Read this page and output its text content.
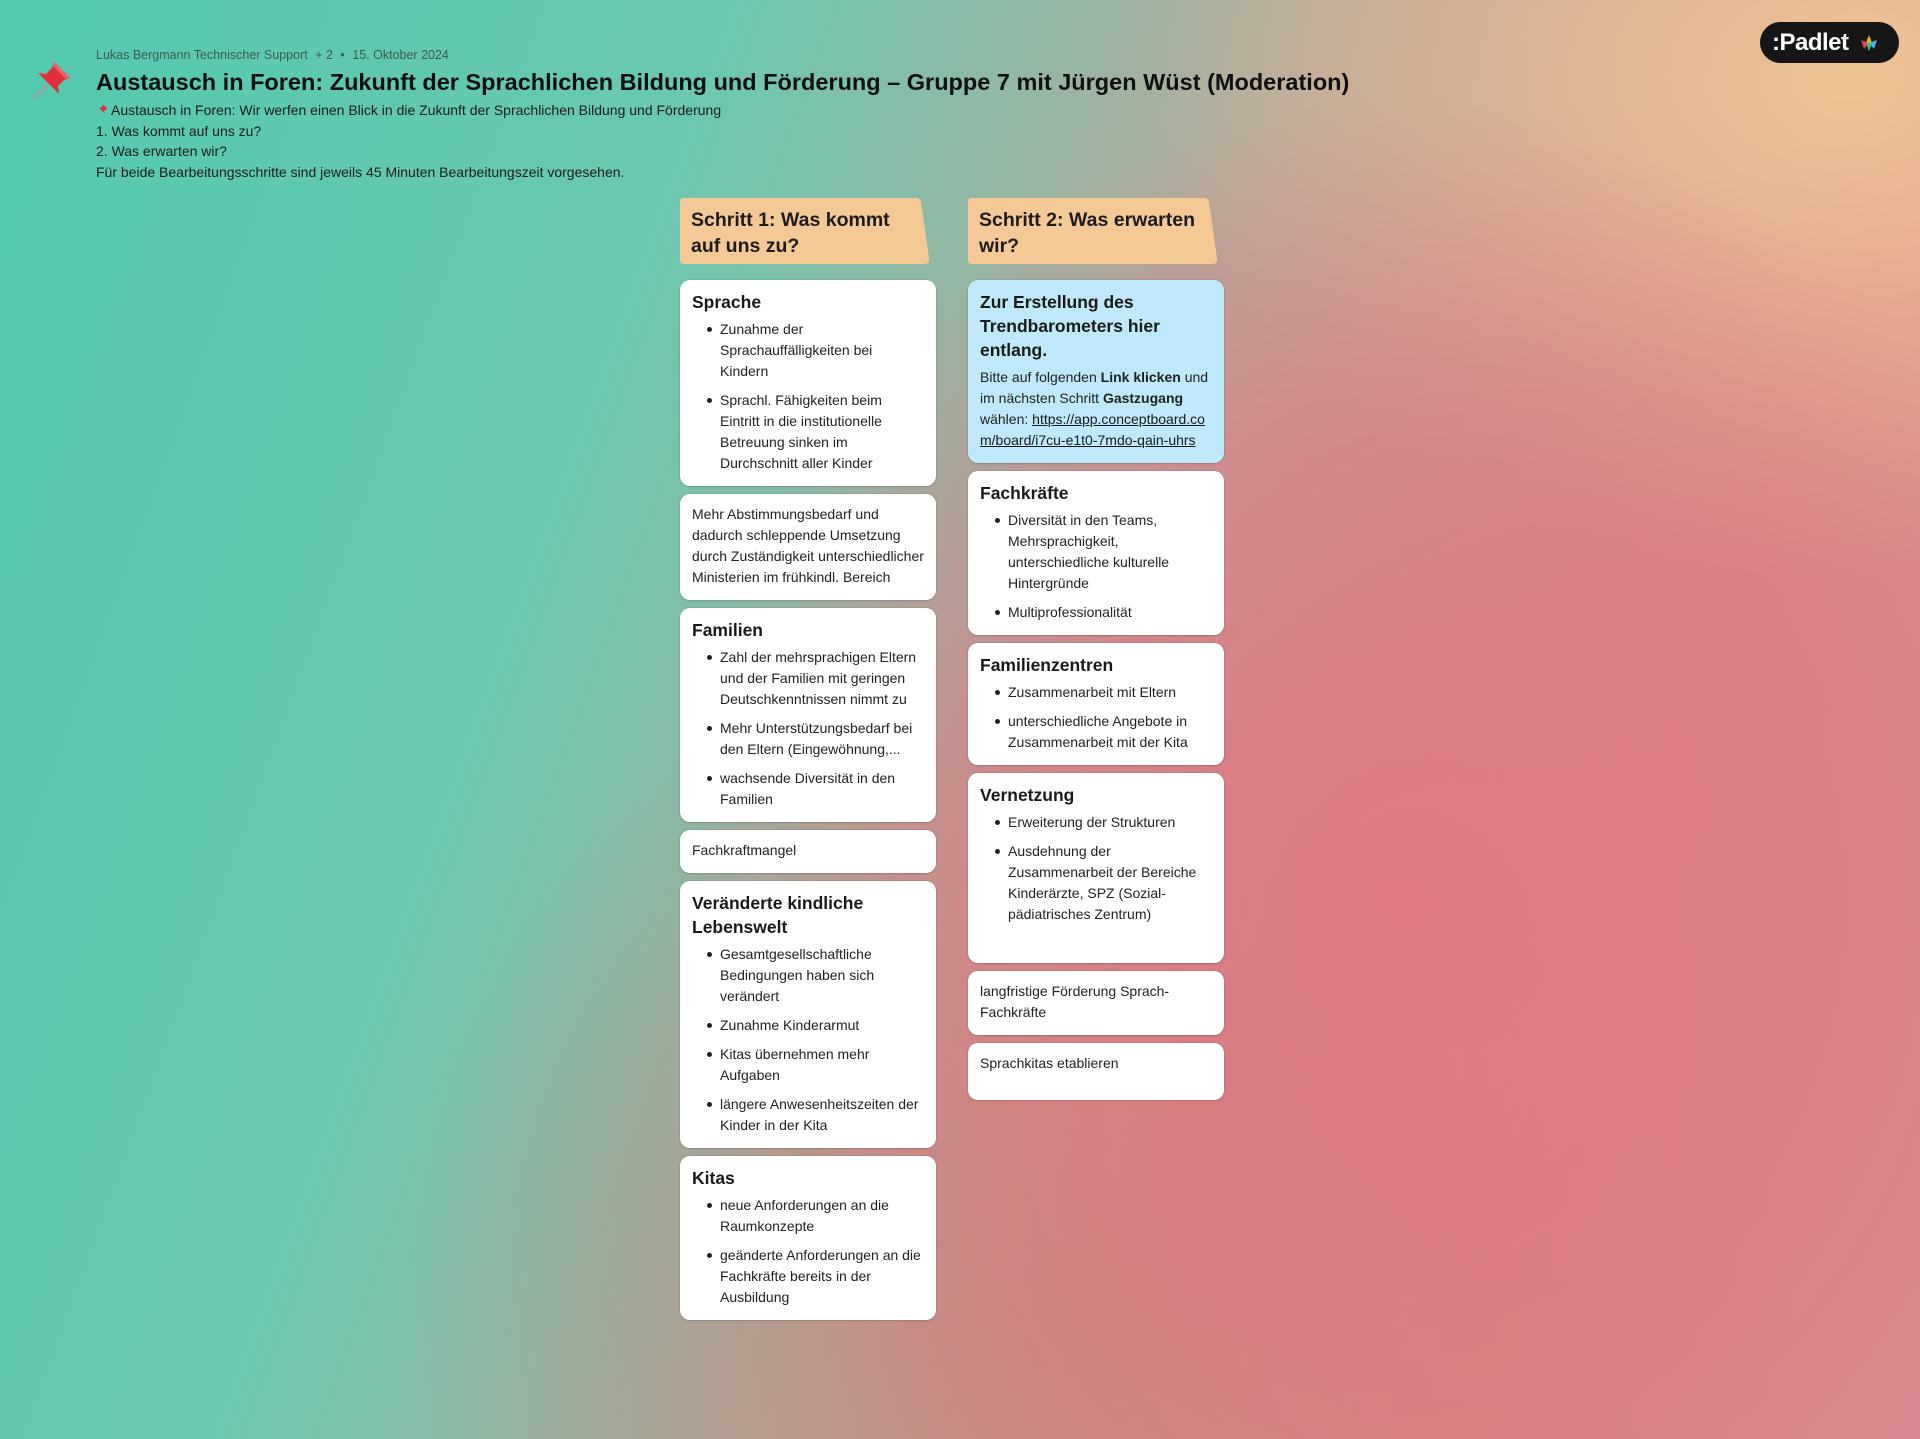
Lukas Bergmann Technischer Support + 2 • 15. Oktober 2024
Austausch in Foren: Zukunft der Sprachlichen Bildung und Förderung – Gruppe 7 mit Jürgen Wüst (Moderation)
Austausch in Foren: Wir werfen einen Blick in die Zukunft der Sprachlichen Bildung und Förderung
1. Was kommt auf uns zu?
2. Was erwarten wir?
Für beide Bearbeitungsschritte sind jeweils 45 Minuten Bearbeitungszeit vorgesehen.
:Padlet
Schritt 1: Was kommt auf uns zu?
Sprache
Zunahme der Sprachauffälligkeiten bei Kindern
Sprachl. Fähigkeiten beim Eintritt in die institutionelle Betreuung sinken im Durchschnitt aller Kinder
Mehr Abstimmungsbedarf und dadurch schleppende Umsetzung durch Zuständigkeit unterschiedlicher Ministerien im frühkindl. Bereich
Familien
Zahl der mehrsprachigen Eltern und der Familien mit geringen Deutschkenntnissen nimmt zu
Mehr Unterstützungsbedarf bei den Eltern (Eingewöhnung,...
wachsende Diversität in den Familien
Fachkraftmangel
Veränderte kindliche Lebenswelt
Gesamtgesellschaftliche Bedingungen haben sich verändert
Zunahme Kinderarmut
Kitas übernehmen mehr Aufgaben
längere Anwesenheitszeiten der Kinder in der Kita
Kitas
neue Anforderungen an die Raumkonzepte
geänderte Anforderungen an die Fachkräfte bereits in der Ausbildung
Schritt 2: Was erwarten wir?
Zur Erstellung des Trendbarometers hier entlang.
Bitte auf folgenden Link klicken und im nächsten Schritt Gastzugang wählen: https://app.conceptboard.com/board/i7cu-e1t0-7mdo-qain-uhrs
Fachkräfte
Diversität in den Teams, Mehrsprachigkeit, unterschiedliche kulturelle Hintergründe
Multiprofessionalität
Familienzentren
Zusammenarbeit mit Eltern
unterschiedliche Angebote in Zusammenarbeit mit der Kita
Vernetzung
Erweiterung der Strukturen
Ausdehnung der Zusammenarbeit der Bereiche Kinderärzte, SPZ (Sozial-pädiatrisches Zentrum)
langfristige Förderung Sprach-Fachkräfte
Sprachkitas etablieren
